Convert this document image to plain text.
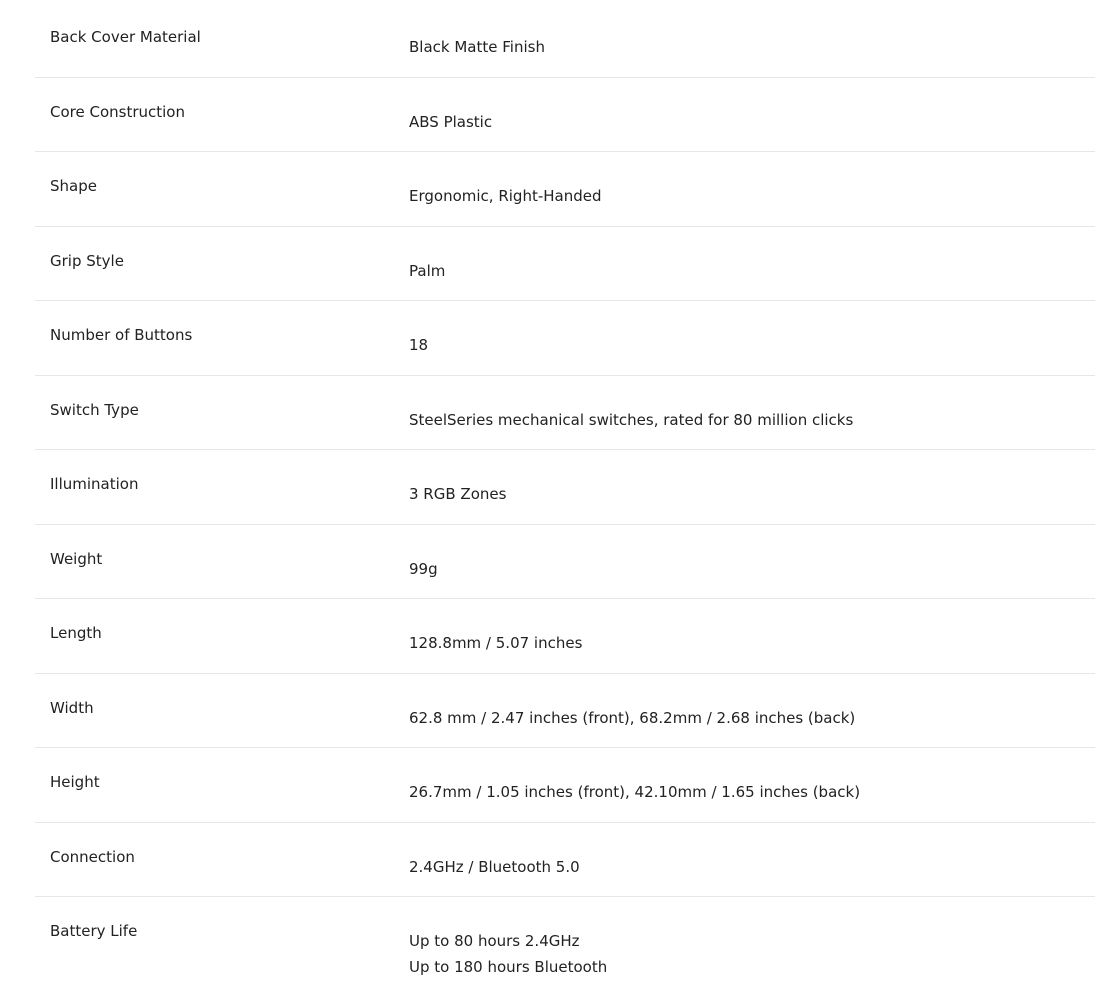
Back Cover Material
Black Matte Finish
Core Construction
ABS Plastic
Shape
Ergonomic, Right-Handed
Grip Style
Palm
Number of Buttons
18
Switch Type
SteelSeries mechanical switches, rated for 80 million clicks
Illumination
3 RGB Zones
Weight
99g
Length
128.8mm / 5.07 inches
Width
62.8 mm / 2.47 inches (front), 68.2mm / 2.68 inches (back)
Height
26.7mm / 1.05 inches (front), 42.10mm / 1.65 inches (back)
Connection
2.4GHz / Bluetooth 5.0
Battery Life
Up to 80 hours 2.4GHz
Up to 180 hours Bluetooth
